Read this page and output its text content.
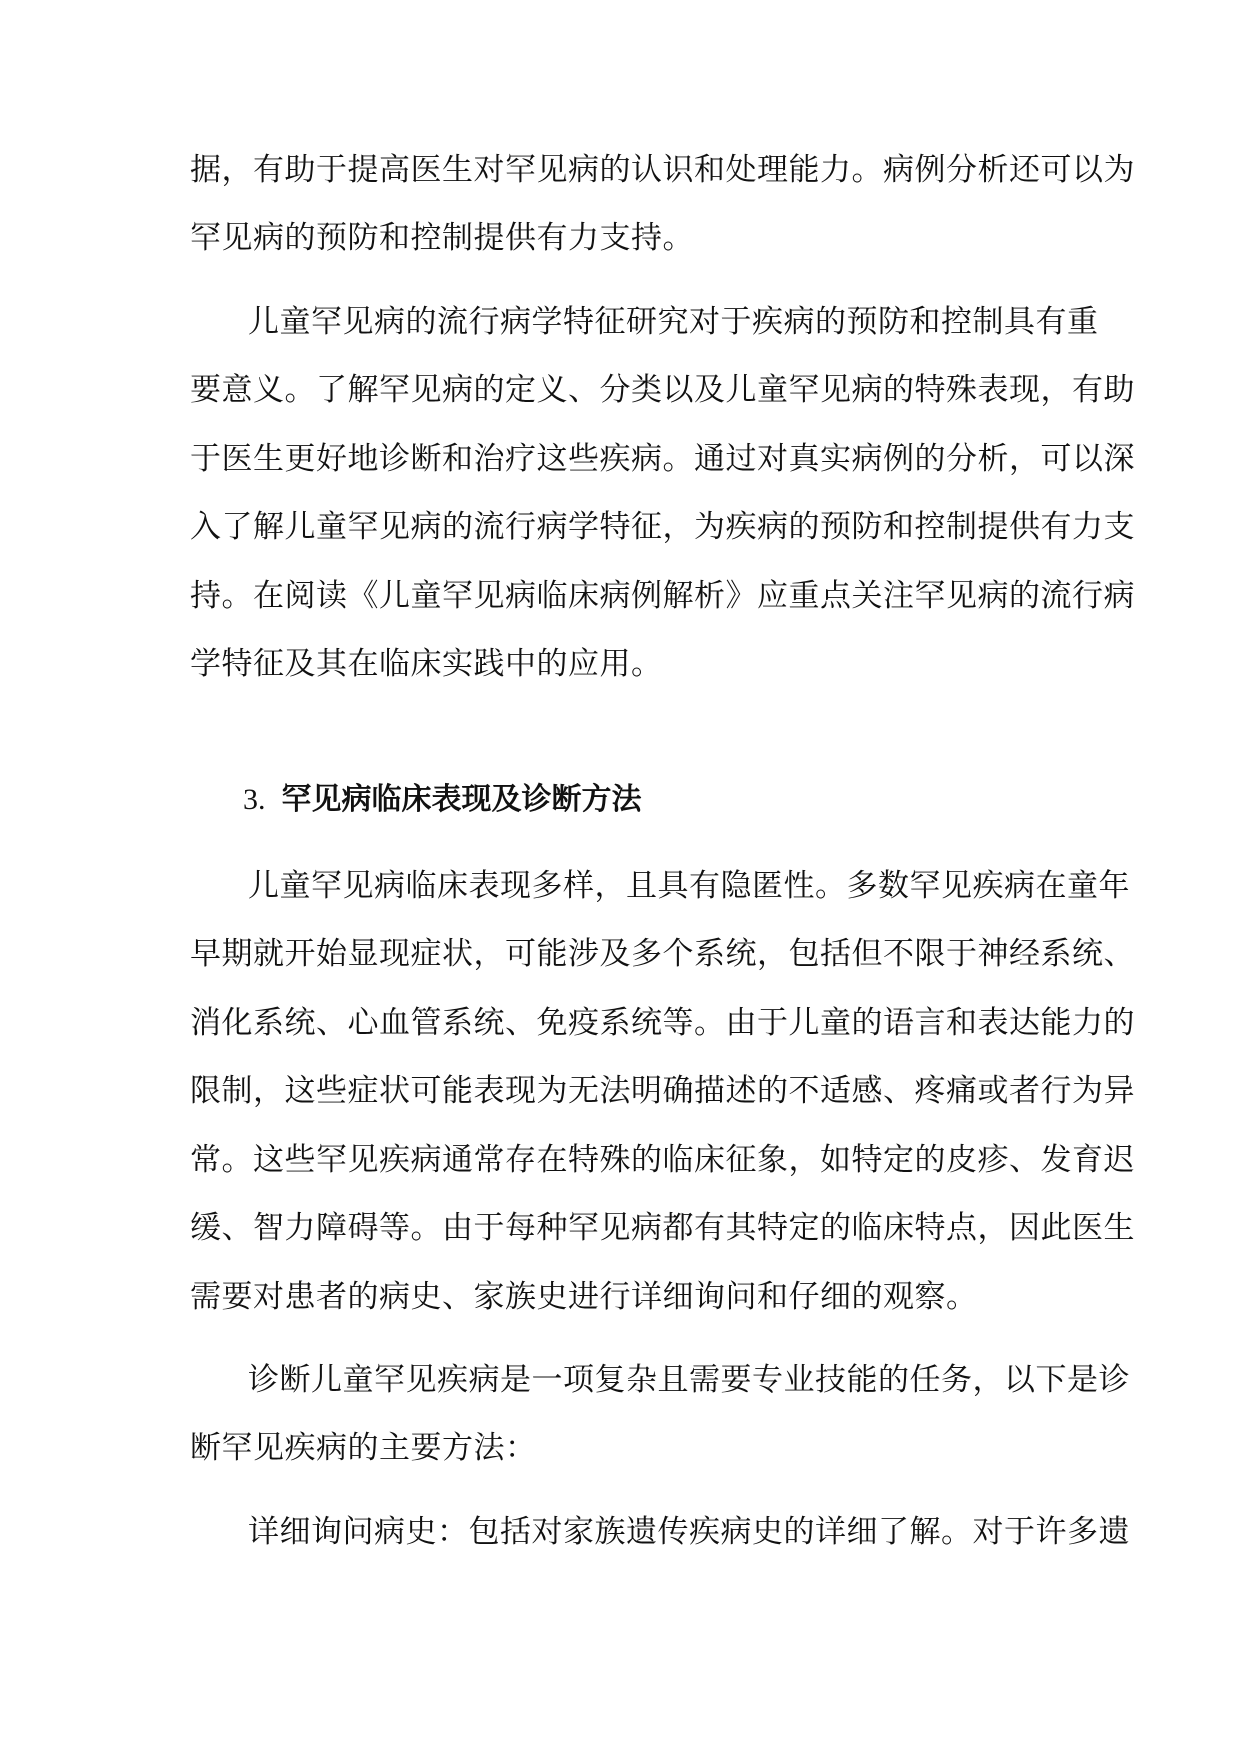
据，有助于提高医生对罕见病的认识和处理能力。病例分析还可以为
罕见病的预防和控制提供有力支持。
儿童罕见病的流行病学特征研究对于疾病的预防和控制具有重
要意义。了解罕见病的定义、分类以及儿童罕见病的特殊表现，有助
于医生更好地诊断和治疗这些疾病。通过对真实病例的分析，可以深
入了解儿童罕见病的流行病学特征，为疾病的预防和控制提供有力支
持。在阅读《儿童罕见病临床病例解析》应重点关注罕见病的流行病
学特征及其在临床实践中的应用。
3. 罕见病临床表现及诊断方法
儿童罕见病临床表现多样，且具有隐匿性。多数罕见疾病在童年
早期就开始显现症状，可能涉及多个系统，包括但不限于神经系统、
消化系统、心血管系统、免疫系统等。由于儿童的语言和表达能力的
限制，这些症状可能表现为无法明确描述的不适感、疼痛或者行为异
常。这些罕见疾病通常存在特殊的临床征象，如特定的皮疹、发育迟
缓、智力障碍等。由于每种罕见病都有其特定的临床特点，因此医生
需要对患者的病史、家族史进行详细询问和仔细的观察。
诊断儿童罕见疾病是一项复杂且需要专业技能的任务，以下是诊
断罕见疾病的主要方法：
详细询问病史：包括对家族遗传疾病史的详细了解。对于许多遗
